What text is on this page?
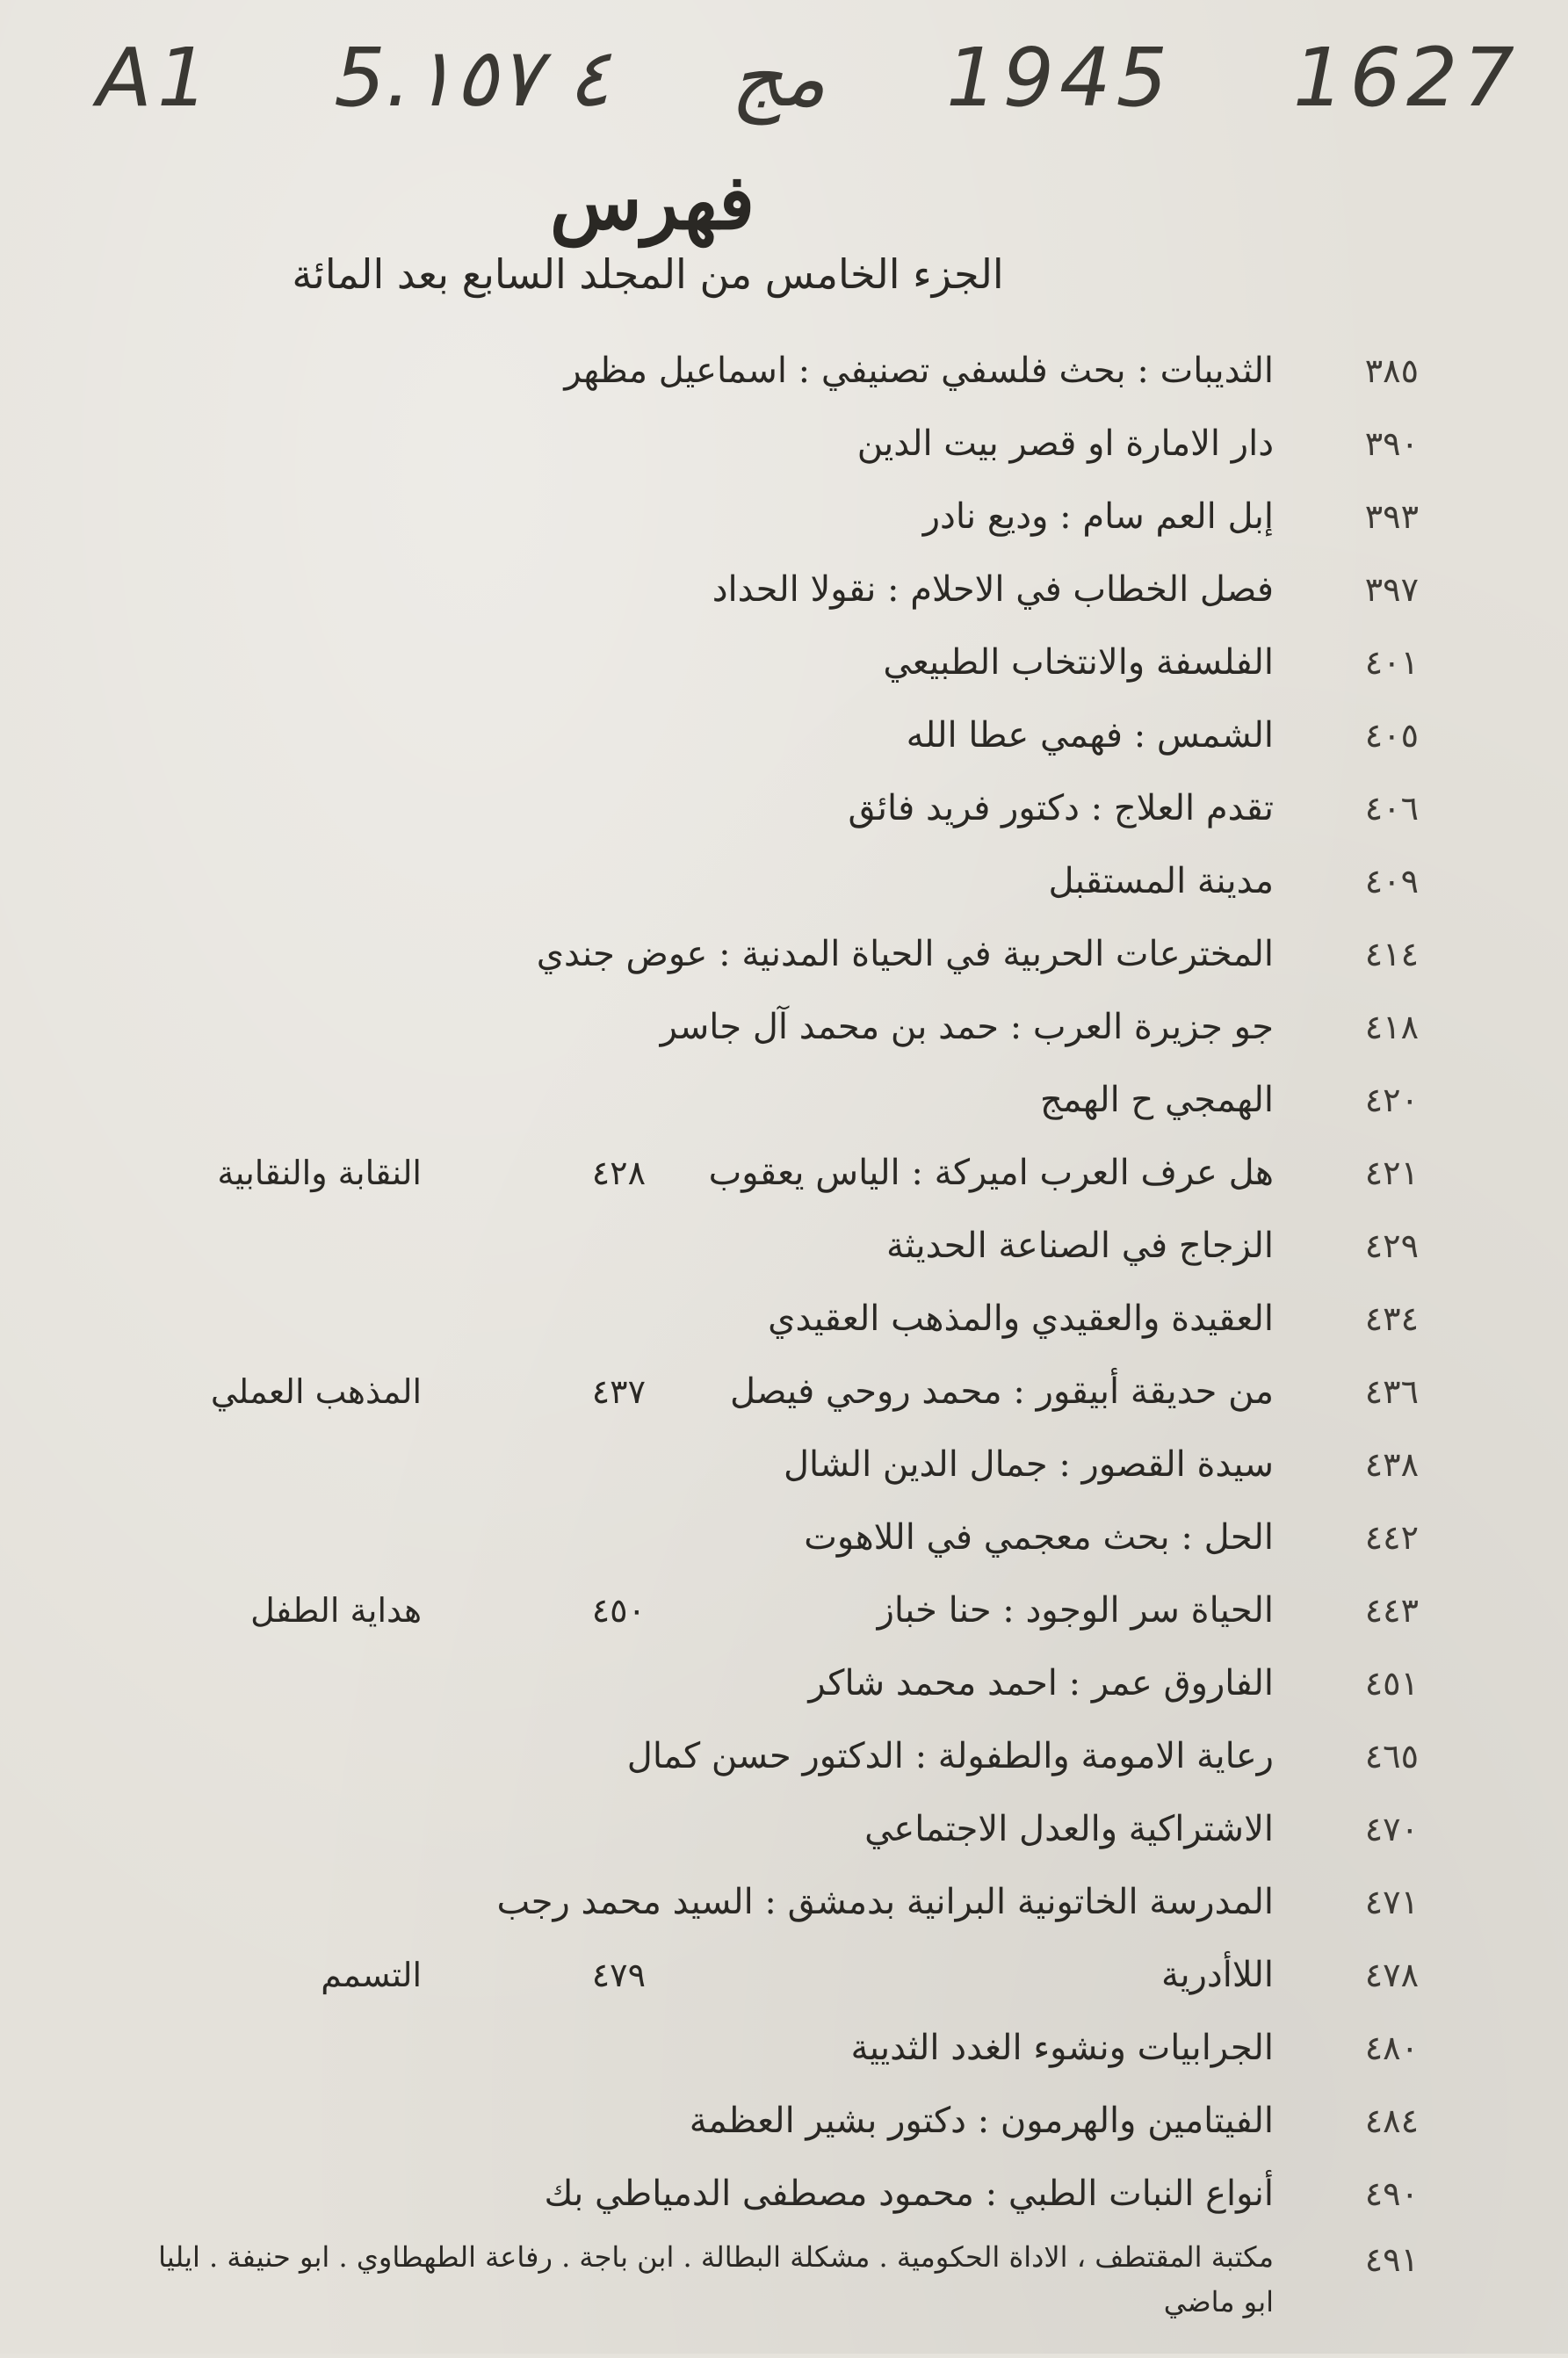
A1 5.٤ ١٥٧ مج 1945 1627
فهرس
الجزء الخامس من المجلد السابع بعد المائة
٣٨٥
الثديبات : بحث فلسفي تصنيفي : اسماعيل مظهر
٣٩٠
دار الامارة او قصر بيت الدين
٣٩٣
إبل العم سام : وديع نادر
٣٩٧
فصل الخطاب في الاحلام : نقولا الحداد
٤٠١
الفلسفة والانتخاب الطبيعي
٤٠٥
الشمس : فهمي عطا الله
٤٠٦
تقدم العلاج : دكتور فريد فائق
٤٠٩
مدينة المستقبل
٤١٤
المخترعات الحربية في الحياة المدنية : عوض جندي
٤١٨
جو جزيرة العرب : حمد بن محمد آل جاسر
٤٢٠
الهمجي ح الهمج
٤٢١
هل عرف العرب اميركة : الياس يعقوب
٤٢٨
النقابة والنقابية
٤٢٩
الزجاج في الصناعة الحديثة
٤٣٤
العقيدة والعقيدي والمذهب العقيدي
٤٣٦
من حديقة أبيقور : محمد روحي فيصل
٤٣٧
المذهب العملي
٤٣٨
سيدة القصور : جمال الدين الشال
٤٤٢
الحل : بحث معجمي في اللاهوت
٤٤٣
الحياة سر الوجود : حنا خباز
٤٥٠
هداية الطفل
٤٥١
الفاروق عمر : احمد محمد شاكر
٤٦٥
رعاية الامومة والطفولة : الدكتور حسن كمال
٤٧٠
الاشتراكية والعدل الاجتماعي
٤٧١
المدرسة الخاتونية البرانية بدمشق : السيد محمد رجب
٤٧٨
اللاأدرية
٤٧٩
التسمم
٤٨٠
الجرابيات ونشوء الغدد الثديية
٤٨٤
الفيتامين والهرمون : دكتور بشير العظمة
٤٩٠
أنواع النبات الطبي : محمود مصطفى الدمياطي بك
٤٩١
مكتبة المقتطف ، الاداة الحكومية . مشكلة البطالة . ابن باجة . رفاعة الطهطاوي . ابو حنيفة . ايليا ابو ماضي
